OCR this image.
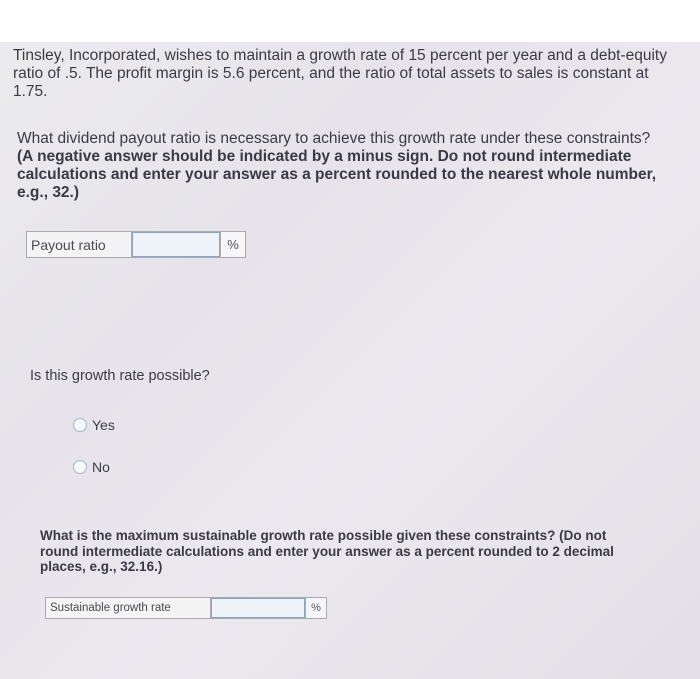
Tinsley, Incorporated, wishes to maintain a growth rate of 15 percent per year and a debt-equity ratio of .5. The profit margin is 5.6 percent, and the ratio of total assets to sales is constant at 1.75.

What dividend payout ratio is necessary to achieve this growth rate under these constraints? (A negative answer should be indicated by a minus sign. Do not round intermediate calculations and enter your answer as a percent rounded to the nearest whole number, e.g., 32.)

Payout ratio	%

Is this growth rate possible?

Yes
No

What is the maximum sustainable growth rate possible given these constraints? (Do not round intermediate calculations and enter your answer as a percent rounded to 2 decimal places, e.g., 32.16.)

Sustainable growth rate	%
